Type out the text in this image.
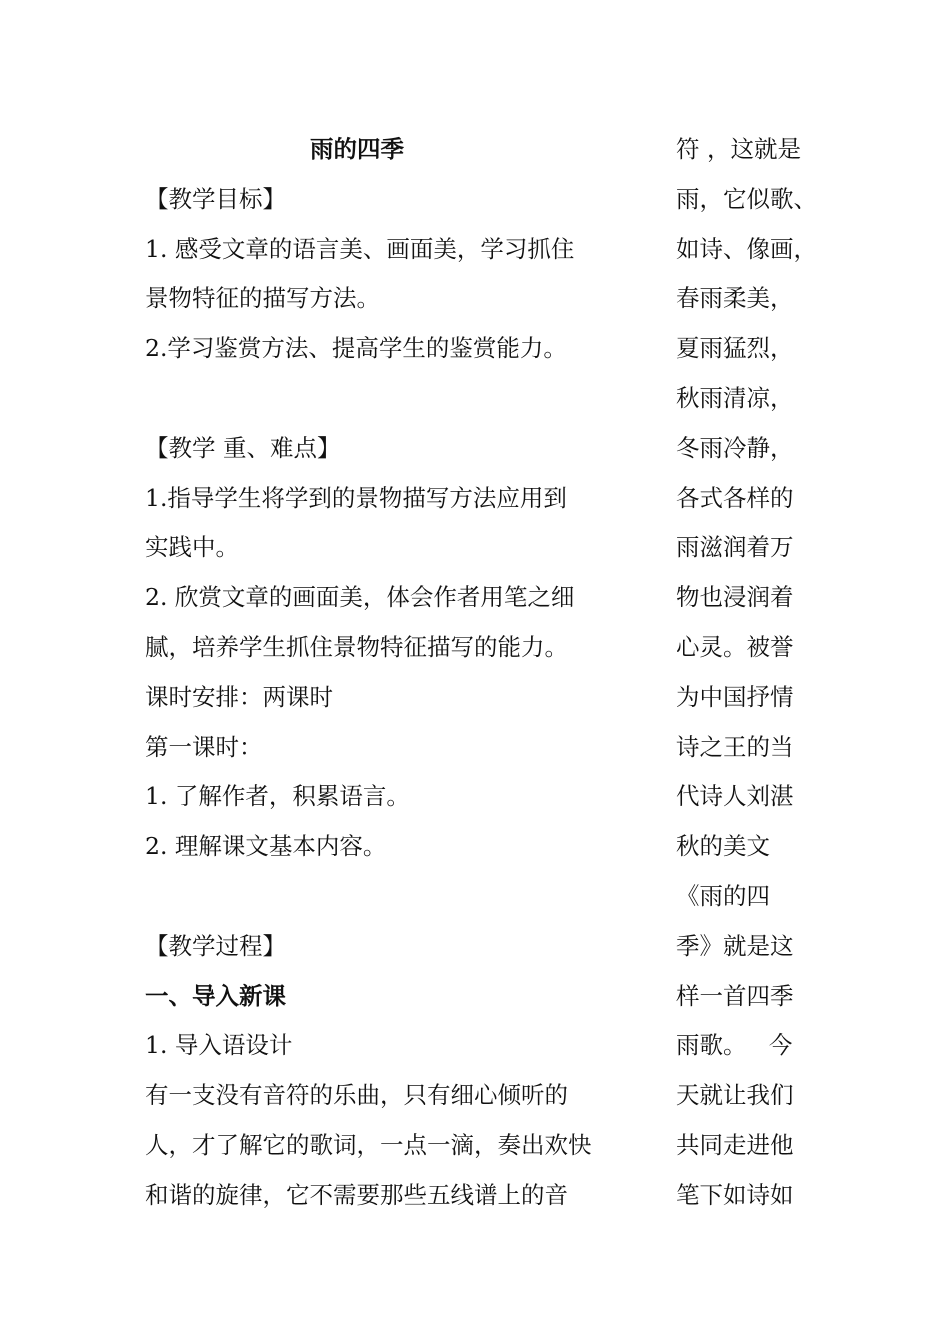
雨的四季
【教学目标】
1. 感受文章的语言美、画面美，学习抓住
景物特征的描写方法。
2.学习鉴赏方法、提高学生的鉴赏能力。
【教学 重、难点】
1.指导学生将学到的景物描写方法应用到
实践中。
2. 欣赏文章的画面美，体会作者用笔之细
腻，培养学生抓住景物特征描写的能力。
课时安排：两课时
第一课时：
1. 了解作者，积累语言。
2. 理解课文基本内容。
【教学过程】
一、导入新课
1. 导入语设计
有一支没有音符的乐曲，只有细心倾听的
人，才了解它的歌词，一点一滴，奏出欢快
和谐的旋律，它不需要那些五线谱上的音
符 ，这就是
雨，它似歌、
如诗、像画，
春雨柔美，
夏雨猛烈，
秋雨清凉，
冬雨冷静，
各式各样的
雨滋润着万
物也浸润着
心灵。被誉
为中国抒情
诗之王的当
代诗人刘湛
秋的美文
《雨的四
季》就是这
样一首四季
雨歌。   今
天就让我们
共同走进他
笔下如诗如
